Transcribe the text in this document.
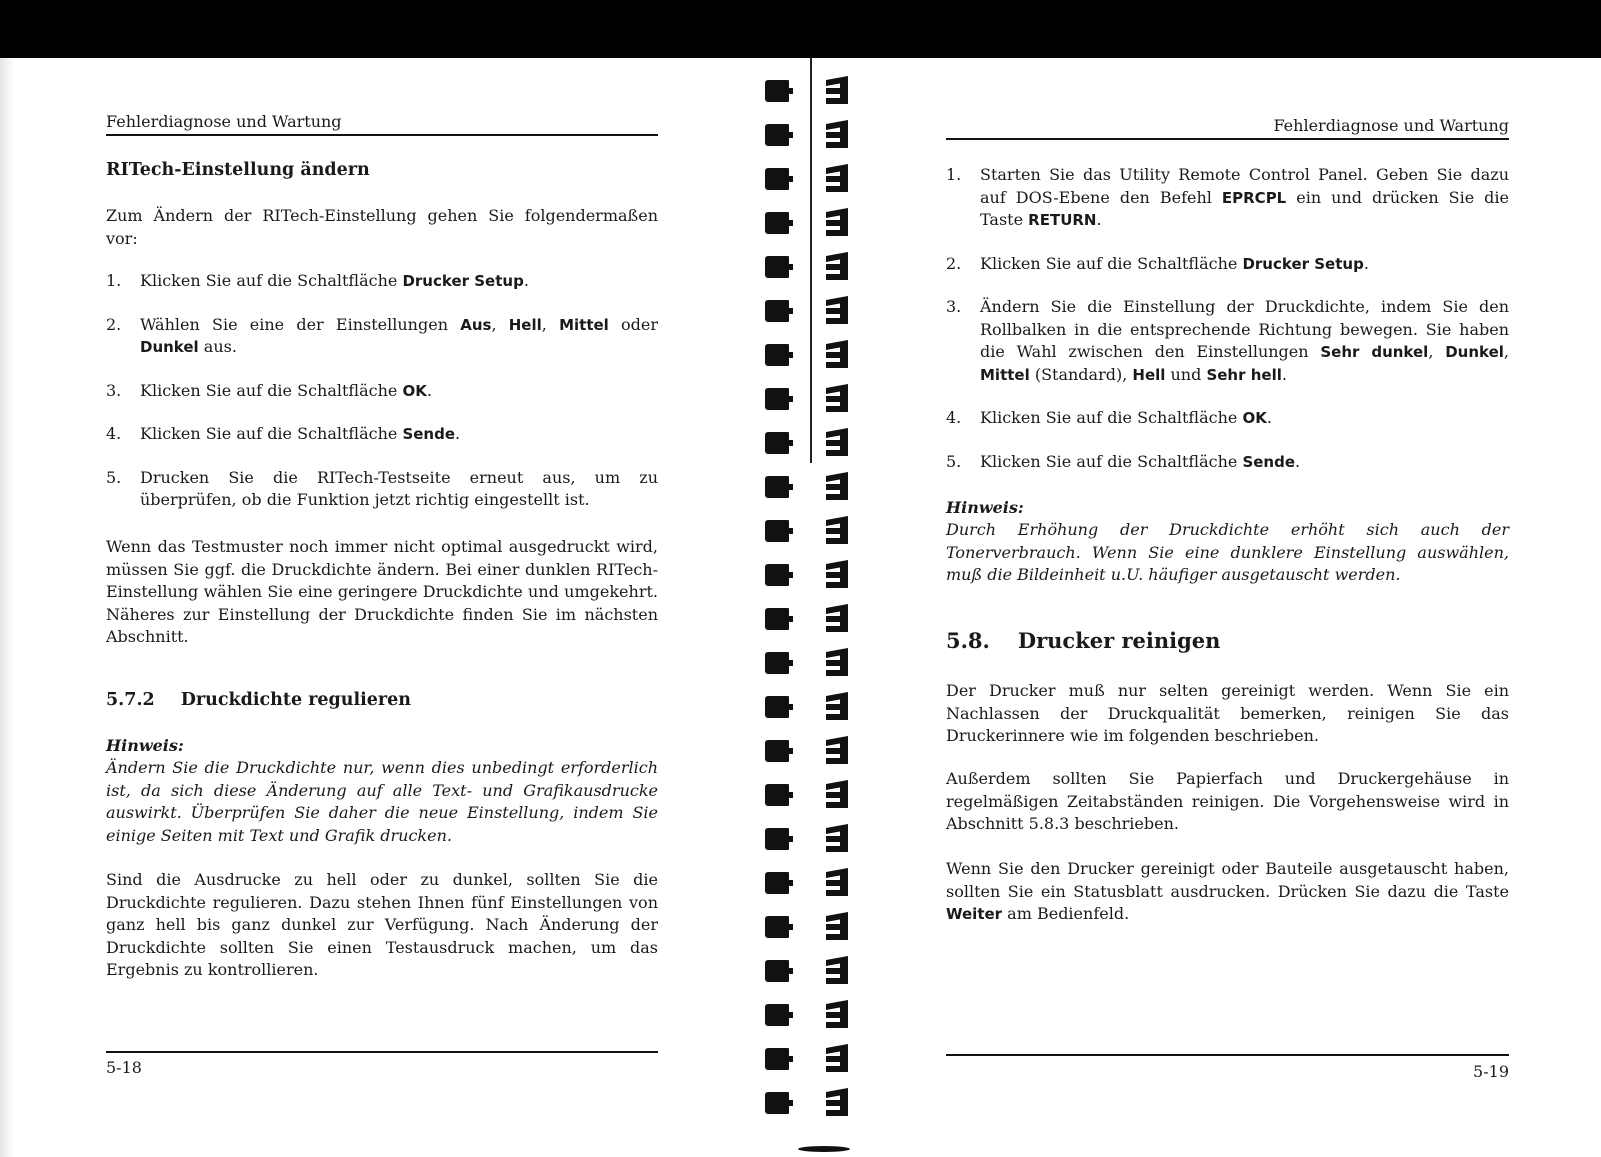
Fehlerdiagnose und Wartung
RITech-Einstellung ändern
Zum Ändern der RITech-Einstellung gehen Sie folgendermaßen vor:
1. Klicken Sie auf die Schaltfläche Drucker Setup.
2. Wählen Sie eine der Einstellungen Aus, Hell, Mittel oder Dunkel aus.
3. Klicken Sie auf die Schaltfläche OK.
4. Klicken Sie auf die Schaltfläche Sende.
5. Drucken Sie die RITech-Testseite erneut aus, um zu überprüfen, ob die Funktion jetzt richtig eingestellt ist.
Wenn das Testmuster noch immer nicht optimal ausgedruckt wird, müssen Sie ggf. die Druckdichte ändern. Bei einer dunklen RITech-Einstellung wählen Sie eine geringere Druckdichte und umgekehrt. Näheres zur Einstellung der Druckdichte finden Sie im nächsten Abschnitt.
5.7.2 Druckdichte regulieren
Hinweis:
Ändern Sie die Druckdichte nur, wenn dies unbedingt erforderlich ist, da sich diese Änderung auf alle Text- und Grafikausdrucke auswirkt. Überprüfen Sie daher die neue Einstellung, indem Sie einige Seiten mit Text und Grafik drucken.
Sind die Ausdrucke zu hell oder zu dunkel, sollten Sie die Druckdichte regulieren. Dazu stehen Ihnen fünf Einstellungen von ganz hell bis ganz dunkel zur Verfügung. Nach Änderung der Druckdichte sollten Sie einen Testausdruck machen, um das Ergebnis zu kontrollieren.
5-18
Fehlerdiagnose und Wartung
1. Starten Sie das Utility Remote Control Panel. Geben Sie dazu auf DOS-Ebene den Befehl EPRCPL ein und drücken Sie die Taste RETURN.
2. Klicken Sie auf die Schaltfläche Drucker Setup.
3. Ändern Sie die Einstellung der Druckdichte, indem Sie den Rollbalken in die entsprechende Richtung bewegen. Sie haben die Wahl zwischen den Einstellungen Sehr dunkel, Dunkel, Mittel (Standard), Hell und Sehr hell.
4. Klicken Sie auf die Schaltfläche OK.
5. Klicken Sie auf die Schaltfläche Sende.
Hinweis:
Durch Erhöhung der Druckdichte erhöht sich auch der Tonerverbrauch. Wenn Sie eine dunklere Einstellung auswählen, muß die Bildeinheit u.U. häufiger ausgetauscht werden.
5.8. Drucker reinigen
Der Drucker muß nur selten gereinigt werden. Wenn Sie ein Nachlassen der Druckqualität bemerken, reinigen Sie das Druckerinnere wie im folgenden beschrieben.
Außerdem sollten Sie Papierfach und Druckergehäuse in regelmäßigen Zeitabständen reinigen. Die Vorgehensweise wird in Abschnitt 5.8.3 beschrieben.
Wenn Sie den Drucker gereinigt oder Bauteile ausgetauscht haben, sollten Sie ein Statusblatt ausdrucken. Drücken Sie dazu die Taste Weiter am Bedienfeld.
5-19
